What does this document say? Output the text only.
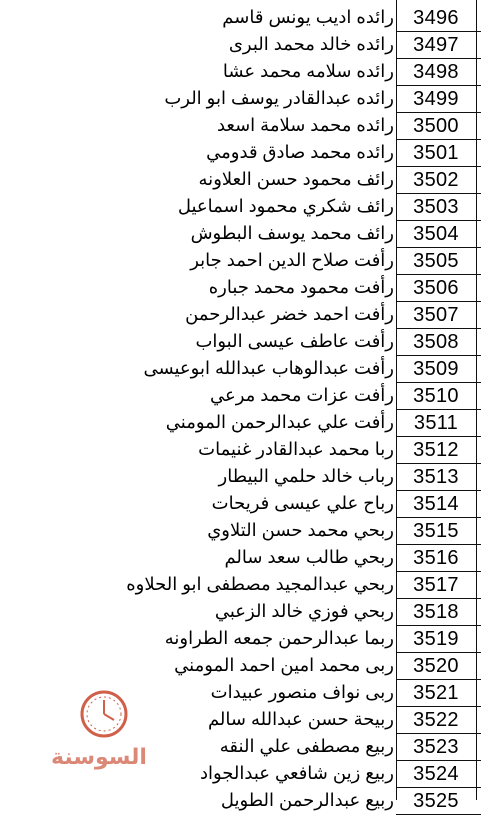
رائده اديب يونس قاسم 3496
رائده خالد محمد البرى 3497
رائده سلامه محمد عشا 3498
رائده عبدالقادر يوسف ابو الرب 3499
رائده محمد سلامة اسعد 3500
رائده محمد صادق قدومي 3501
رائف محمود حسن العلاونه 3502
رائف شكري محمود اسماعيل 3503
رائف محمد يوسف البطوش 3504
رأفت صلاح الدين احمد جابر 3505
رأفت محمود محمد جباره 3506
رأفت احمد خضر عبدالرحمن 3507
رأفت عاطف عيسى البواب 3508
رأفت عبدالوهاب عبدالله ابوعيسى 3509
رأفت عزات محمد مرعي 3510
رأفت علي عبدالرحمن المومني 3511
ربا محمد عبدالقادر غنيمات 3512
رباب خالد حلمي البيطار 3513
رباح علي عيسى فريحات 3514
ربحي محمد حسن التلاوي 3515
ربحي طالب سعد سالم 3516
ربحي عبدالمجيد مصطفى ابو الحلاوه 3517
ربحي فوزي خالد الزعبي 3518
ربما عبدالرحمن جمعه الطراونه 3519
ربى محمد امين احمد المومني 3520
ربى نواف منصور عبيدات 3521
ربيحة حسن عبدالله سالم 3522
ربيع مصطفى علي النقه 3523
ربيع زين شافعي عبدالجواد 3524
ربيع عبدالرحمن الطويل 3525
السوسنة
